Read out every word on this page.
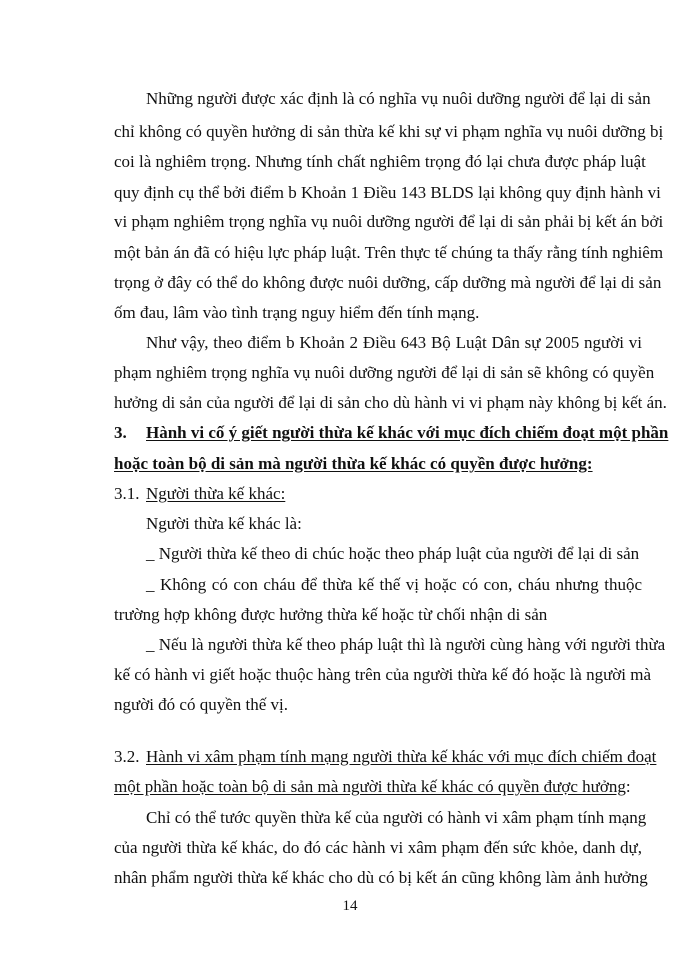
Những người được xác định là có nghĩa vụ nuôi dưỡng người để lại di sản
chỉ không có quyền hưởng di sản thừa kế khi sự vi phạm nghĩa vụ nuôi dưỡng bị
coi là nghiêm trọng. Nhưng tính chất nghiêm trọng đó lại chưa được pháp luật
quy định cụ thể bởi điểm b Khoản 1 Điều 143 BLDS lại không quy định hành vi
vi phạm nghiêm trọng nghĩa vụ nuôi dưỡng người để lại di sản phải bị kết án bởi
một bản án đã có hiệu lực pháp luật. Trên thực tế chúng ta thấy rằng tính nghiêm
trọng ở đây có thể do không được nuôi dưỡng, cấp dưỡng mà người để lại di sản
ốm đau, lâm vào tình trạng nguy hiểm đến tính mạng.
Như vậy, theo điểm b Khoản 2 Điều 643 Bộ Luật Dân sự 2005 người vi
phạm nghiêm trọng nghĩa vụ nuôi dưỡng người để lại di sản sẽ không có quyền
hưởng di sản của người để lại di sản cho dù hành vi vi phạm này không bị kết án.
3. Hành vi cố ý giết người thừa kế khác với mục đích chiếm đoạt một phần
hoặc toàn bộ di sản mà người thừa kế khác có quyền được hưởng:
3.1. Người thừa kế khác:
Người thừa kế khác là:
_ Người thừa kế theo di chúc hoặc theo pháp luật của người để lại di sản
_ Không có con cháu để thừa kế thế vị hoặc có con, cháu nhưng thuộc
trường hợp không được hưởng thừa kế hoặc từ chối nhận di sản
_ Nếu là người thừa kế theo pháp luật thì là người cùng hàng với người thừa
kế có hành vi giết hoặc thuộc hàng trên của người thừa kế đó hoặc là người mà
người đó có quyền thế vị.
3.2. Hành vi xâm phạm tính mạng người thừa kế khác với mục đích chiếm đoạt
một phần hoặc toàn bộ di sản mà người thừa kế khác có quyền được hưởng:
Chỉ có thể tước quyền thừa kế của người có hành vi xâm phạm tính mạng
của người thừa kế khác, do đó các hành vi xâm phạm đến sức khỏe, danh dự,
nhân phẩm người thừa kế khác cho dù có bị kết án cũng không làm ảnh hưởng
14
